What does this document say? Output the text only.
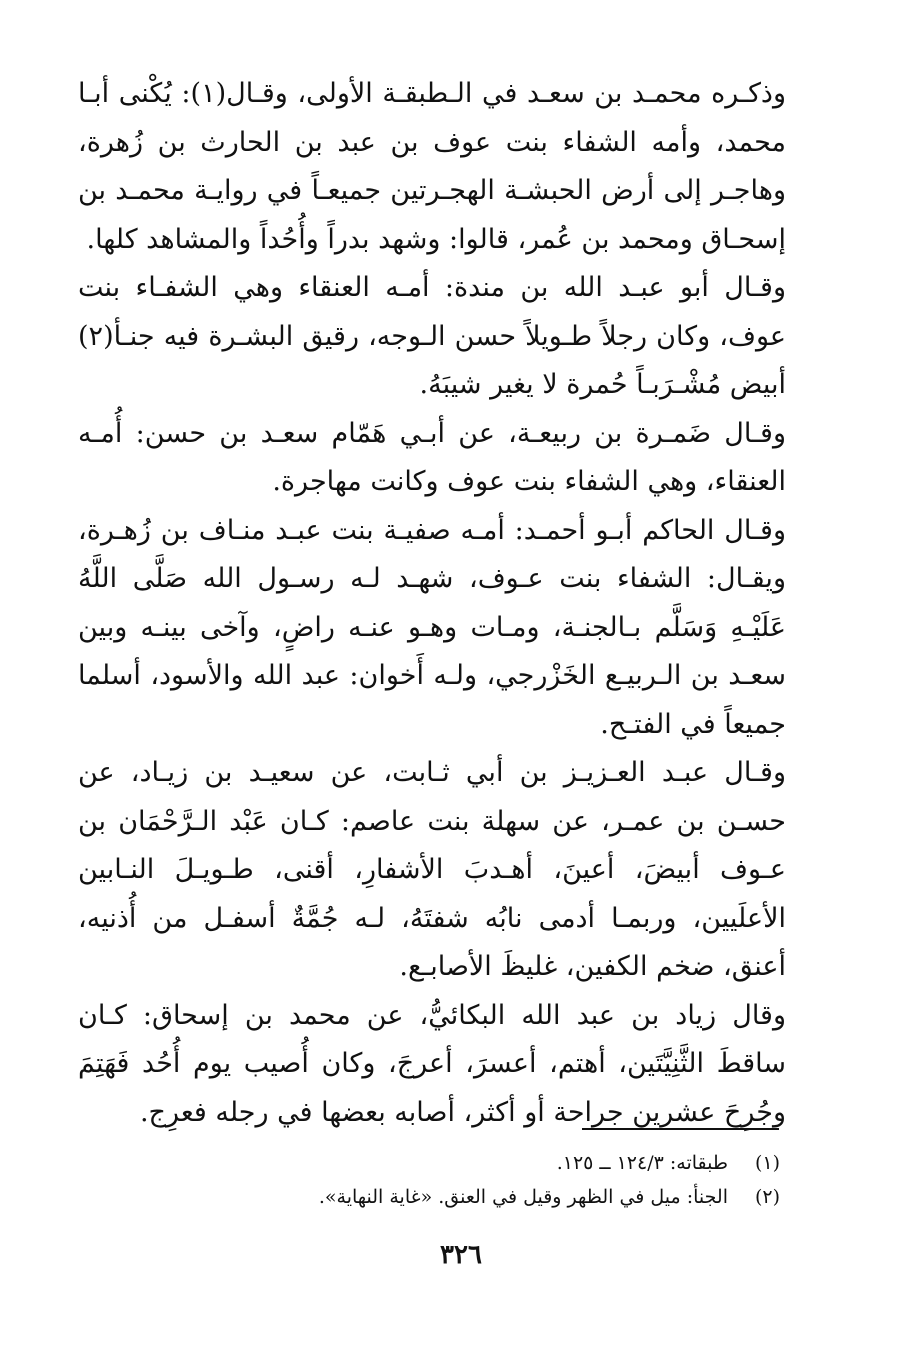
وذكـره محمـد بن سعـد في الـطبقـة الأولى، وقـال(١): يُكْنى أبـا محمد، وأمه الشفاء بنت عوف بن عبد بن الحارث بن زُهرة، وهاجـر إلى أرض الحبشـة الهجـرتين جميعـاً في روايـة محمـد بن إسحـاق ومحمد بن عُمر، قالوا: وشهد بدراً وأُحُداً والمشاهد كلها.

وقـال أبو عبـد الله بن مندة: أمـه العنقاء وهي الشفـاء بنت عوف، وكان رجلاً طـويلاً حسن الـوجه، رقيق البشـرة فيه جنـأ(٢) أبيض مُشْـرَبـاً حُمرة لا يغير شيبَهُ.

وقـال ضَمـرة بن ربيعـة، عن أبـي هَمّام سعـد بن حسن: أُمـه العنقاء، وهي الشفاء بنت عوف وكانت مهاجرة.

وقـال الحاكم أبـو أحمـد: أمـه صفيـة بنت عبـد منـاف بن زُهـرة، ويقـال: الشفاء بنت عـوف، شهـد لـه رسـول الله صَلَّى اللَّهُ عَلَيْـهِ وَسَلَّم بـالجنـة، ومـات وهـو عنـه راضٍ، وآخى بينـه وبين سعـد بن الـربيـع الخَزْرجي، ولـه أَخوان: عبد الله والأسود، أسلما جميعاً في الفتـح.

وقـال عبـد العـزيـز بن أبي ثـابت، عن سعيـد بن زيـاد، عن حسـن بن عمـر، عن سهلة بنت عاصم: كـان عَبْد الـرَّحْمَان بن عـوف أبيضَ، أعينَ، أهـدبَ الأشفارِ، أقنى، طـويـلَ النـابين الأعلَيين، وربمـا أدمى نابُه شفتَهُ، لـه جُمَّةٌ أسفـل من أُذنيه، أعنق، ضخم الكفين، غليظَ الأصابـع.

وقال زياد بن عبد الله البكائيُّ، عن محمد بن إسحاق: كـان ساقطَ الثَّنِيَّتَين، أهتم، أعسرَ، أعرجَ، وكان أُصيب يوم أُحُد فَهَتِمَ وجُرِحَ عشرين جراحة أو أكثر، أصابه بعضها في رجله فعرِج.

(١)
طبقاته: ١٢٤/٣ ــ ١٢٥.
(٢)
الجنأ: ميل في الظهر وقيل في العنق. «غاية النهاية».
٣٢٦
